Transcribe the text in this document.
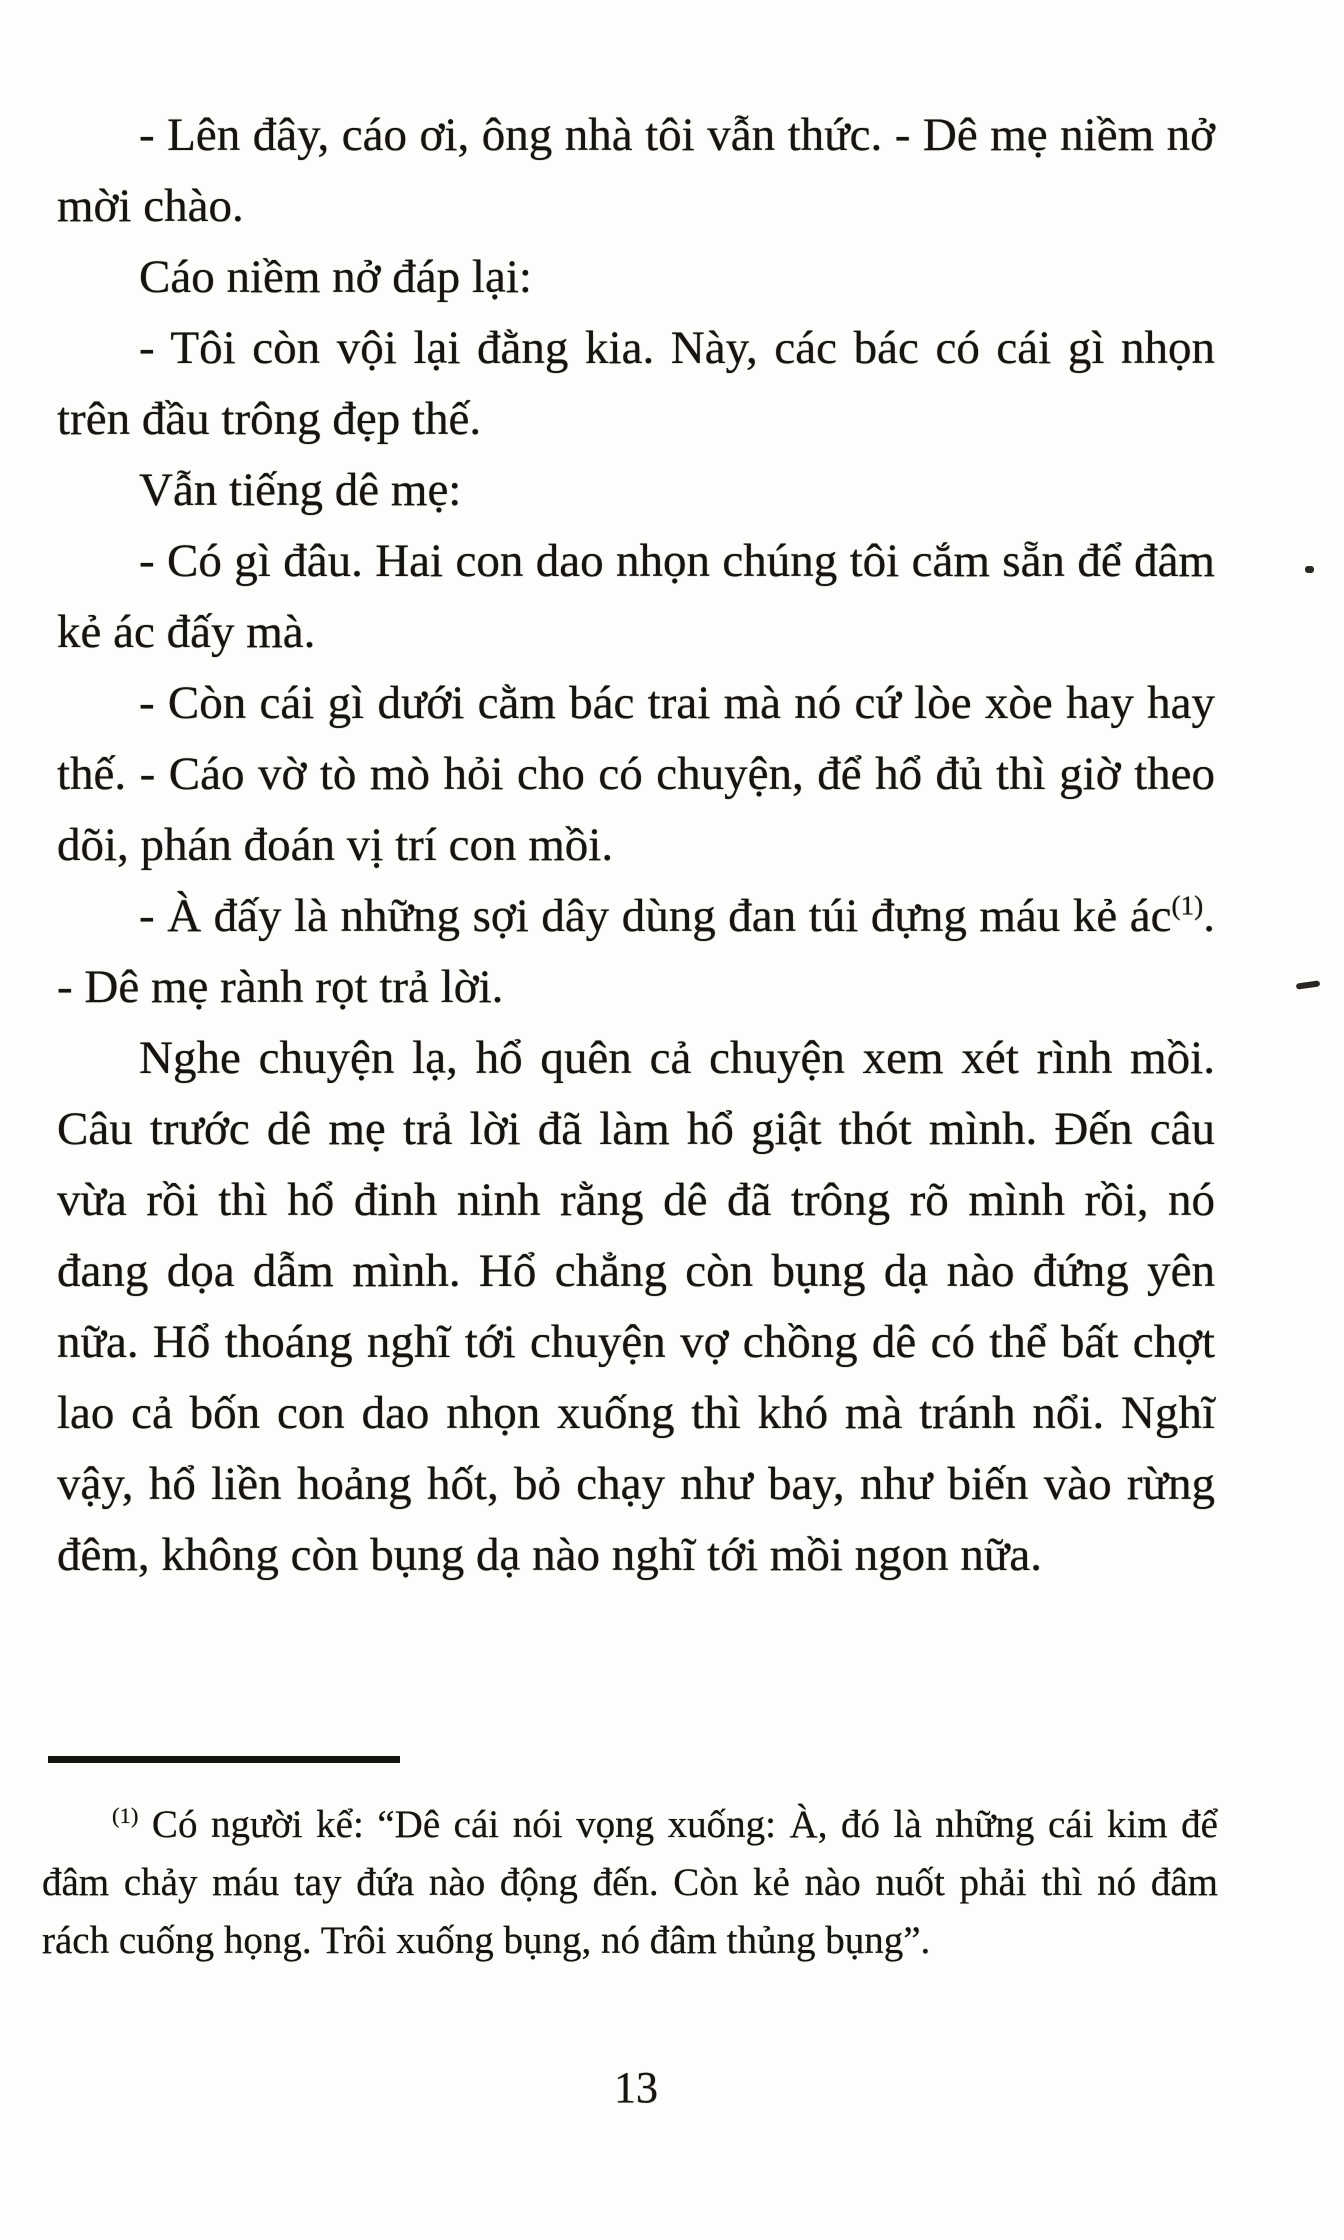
- Lên đây, cáo ơi, ông nhà tôi vẫn thức. - Dê mẹ niềm nở mời chào.

Cáo niềm nở đáp lại:

- Tôi còn vội lại đằng kia. Này, các bác có cái gì nhọn trên đầu trông đẹp thế.

Vẫn tiếng dê mẹ:

- Có gì đâu. Hai con dao nhọn chúng tôi cắm sẵn để đâm kẻ ác đấy mà.

- Còn cái gì dưới cằm bác trai mà nó cứ lòe xòe hay hay thế. - Cáo vờ tò mò hỏi cho có chuyện, để hổ đủ thì giờ theo dõi, phán đoán vị trí con mồi.

- À đấy là những sợi dây dùng đan túi đựng máu kẻ ác$^{(1)}$. - Dê mẹ rành rọt trả lời.

Nghe chuyện lạ, hổ quên cả chuyện xem xét rình mồi. Câu trước dê mẹ trả lời đã làm hổ giật thót mình. Đến câu vừa rồi thì hổ đinh ninh rằng dê đã trông rõ mình rồi, nó đang dọa dẫm mình. Hổ chẳng còn bụng dạ nào đứng yên nữa. Hổ thoáng nghĩ tới chuyện vợ chồng dê có thể bất chợt lao cả bốn con dao nhọn xuống thì khó mà tránh nổi. Nghĩ vậy, hổ liền hoảng hốt, bỏ chạy như bay, như biến vào rừng đêm, không còn bụng dạ nào nghĩ tới mồi ngon nữa.

$^{(1)}$ Có người kể: “Dê cái nói vọng xuống: À, đó là những cái kim để đâm chảy máu tay đứa nào động đến. Còn kẻ nào nuốt phải thì nó đâm rách cuống họng. Trôi xuống bụng, nó đâm thủng bụng”.

13
